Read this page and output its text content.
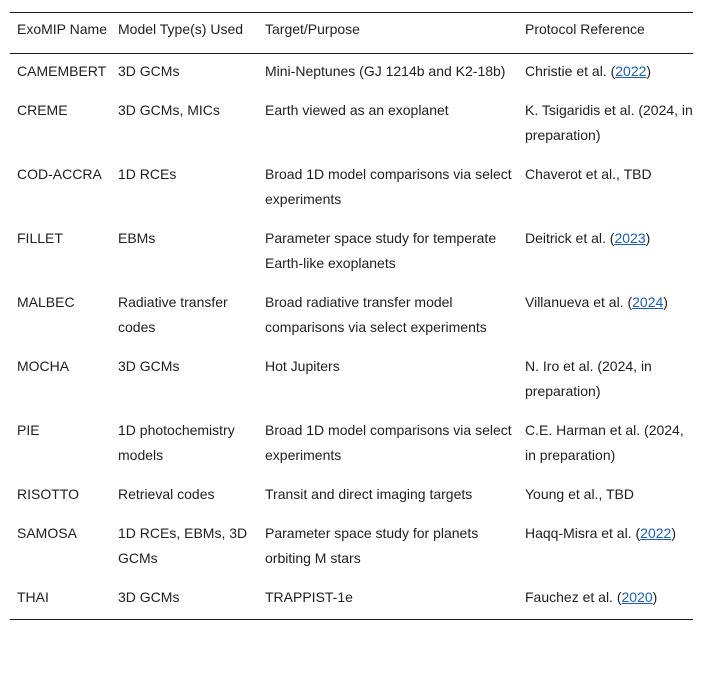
ExoMIP Name	Model Type(s) Used	Target/Purpose	Protocol Reference
CAMEMBERT	3D GCMs	Mini-Neptunes (GJ 1214b and K2-18b)	Christie et al. (2022)
CREME	3D GCMs, MICs	Earth viewed as an exoplanet	K. Tsigaridis et al. (2024, in preparation)
COD-ACCRA	1D RCEs	Broad 1D model comparisons via select experiments	Chaverot et al., TBD
FILLET	EBMs	Parameter space study for temperate Earth-like exoplanets	Deitrick et al. (2023)
MALBEC	Radiative transfer codes	Broad radiative transfer model comparisons via select experiments	Villanueva et al. (2024)
MOCHA	3D GCMs	Hot Jupiters	N. Iro et al. (2024, in preparation)
PIE	1D photochemistry models	Broad 1D model comparisons via select experiments	C.E. Harman et al. (2024, in preparation)
RISOTTO	Retrieval codes	Transit and direct imaging targets	Young et al., TBD
SAMOSA	1D RCEs, EBMs, 3D GCMs	Parameter space study for planets orbiting M stars	Haqq-Misra et al. (2022)
THAI	3D GCMs	TRAPPIST-1e	Fauchez et al. (2020)
